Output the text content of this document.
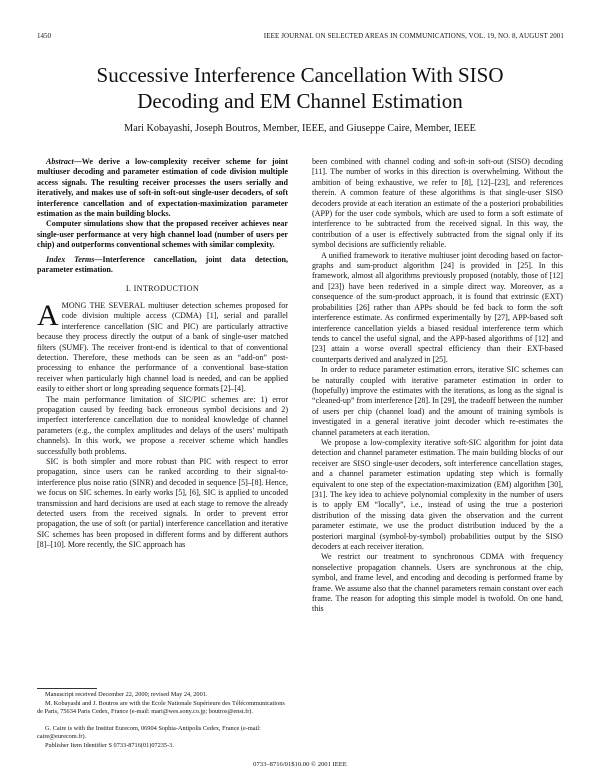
1450	IEEE JOURNAL ON SELECTED AREAS IN COMMUNICATIONS, VOL. 19, NO. 8, AUGUST 2001
Successive Interference Cancellation With SISO
Decoding and EM Channel Estimation
Mari Kobayashi, Joseph Boutros, Member, IEEE, and Giuseppe Caire, Member, IEEE

Abstract—We derive a low-complexity receiver scheme for joint multiuser decoding and parameter estimation of code division multiple access signals. The resulting receiver processes the users serially and iteratively, and makes use of soft-in soft-out single-user decoders, of soft interference cancellation and of expectation-maximization parameter estimation as the main building blocks.

Computer simulations show that the proposed receiver achieves near single-user performance at very high channel load (number of users per chip) and outperforms conventional schemes with similar complexity.

Index Terms—Interference cancellation, joint data detection, parameter estimation.

I. INTRODUCTION

AMONG THE SEVERAL multiuser detection schemes proposed for code division multiple access (CDMA) [1], serial and parallel interference cancellation (SIC and PIC) are particularly attractive because they process directly the output of a bank of single-user matched filters (SUMF). The receiver front-end is identical to that of conventional detection. Therefore, these methods can be seen as an “add-on” post-processing to enhance the performance of a conventional base-station receiver when particularly high channel load is needed, and can be applied easily to either short or long spreading sequence formats [2]–[4].

The main performance limitation of SIC/PIC schemes are: 1) error propagation caused by feeding back erroneous symbol decisions and 2) imperfect interference cancellation due to nonideal knowledge of channel parameters (e.g., the complex amplitudes and delays of the users’ multipath channels). In this work, we propose a receiver scheme which handles successfully both problems.

SIC is both simpler and more robust than PIC with respect to error propagation, since users can be ranked according to their signal-to-interference plus noise ratio (SINR) and decoded in sequence [5]–[8]. Hence, we focus on SIC schemes. In early works [5], [6], SIC is applied to uncoded transmission and hard decisions are used at each stage to remove the already detected users from the received signals. In order to prevent error propagation, the use of soft (or partial) interference cancellation and iterative SIC schemes has been proposed in different forms and by different authors [8]–[10]. More recently, the SIC approach has

been combined with channel coding and soft-in soft-out (SISO) decoding [11]. The number of works in this direction is overwhelming. Without the ambition of being exhaustive, we refer to [8], [12]–[23], and references therein. A common feature of these algorithms is that single-user SISO decoders provide at each iteration an estimate of the a posteriori probabilities (APP) for the user code symbols, which are used to form a soft estimate of interference to be subtracted from the received signal. In this way, the contribution of a user is effectively subtracted from the signal only if its symbol decisions are sufficiently reliable.

A unified framework to iterative multiuser joint decoding based on factor-graphs and sum-product algorithm [24] is provided in [25]. In this framework, almost all algorithms previously proposed (notably, those of [12] and [23]) have been rederived in a simple direct way. Moreover, as a consequence of the sum-product approach, it is found that extrinsic (EXT) probabilities [26] rather than APPs should be fed back to form the soft interference estimate. As confirmed experimentally by [27], APP-based soft interference cancellation yields a biased residual interference term which tends to cancel the useful signal, and the APP-based algorithms of [12] and [23] attain a worse overall spectral efficiency than their EXT-based counterparts derived and analyzed in [25].

In order to reduce parameter estimation errors, iterative SIC schemes can be naturally coupled with iterative parameter estimation in order to (hopefully) improve the estimates with the iterations, as long as the signal is “cleaned-up” from interference [28]. In [29], the tradeoff between the number of users per chip (channel load) and the amount of training symbols is investigated in a general iterative joint decoder which re-estimates the channel parameters at each iteration.

We propose a low-complexity iterative soft-SIC algorithm for joint data detection and channel parameter estimation. The main building blocks of our receiver are SISO single-user decoders, soft interference cancellation stages, and a channel parameter estimation updating step which is formally equivalent to one step of the expectation-maximization (EM) algorithm [30], [31]. The key idea to achieve polynomial complexity in the number of users is to apply EM “locally”, i.e., instead of using the true a posteriori distribution of the missing data given the observation and the current parameter estimate, we use the product distribution induced by the a posteriori marginal (symbol-by-symbol) probabilities output by the SISO decoders at each receiver iteration.

We restrict our treatment to synchronous CDMA with frequency nonselective propagation channels. Users are synchronous at the chip, symbol, and frame level, and encoding and decoding is performed frame by frame. We assume also that the channel parameters remain constant over each frame. The reason for adopting this simple model is twofold. On one hand, this

Manuscript received December 22, 2000; revised May 24, 2001.
M. Kobayashi and J. Boutros are with the Ecole Nationale Supérieure des Télécommunications de Paris, 75634 Paris Cedex, France (e-mail: mari@wes.sony.co.jp; boutros@enst.fr).
G. Caire is with the Institut Eurecom, 06904 Sophia-Antipolis Cedex, France (e-mail: caire@eurecom.fr).
Publisher Item Identifier S 0733-8716(01)07235-3.
0733–8716/01$10.00 © 2001 IEEE
